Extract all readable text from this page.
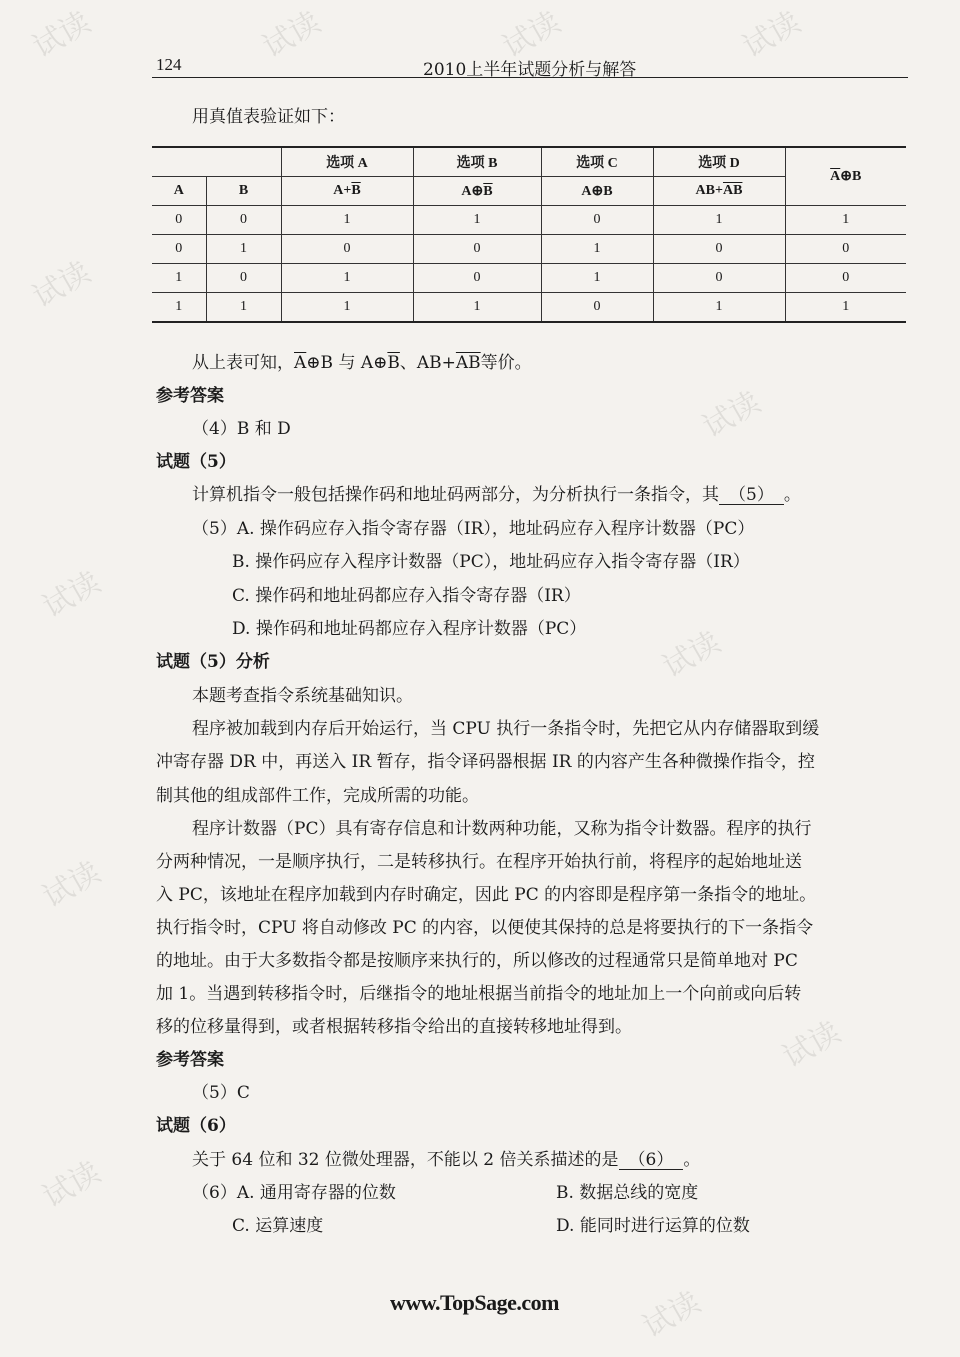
试读	试读	试读	试读
试读
试读
试读
试读
试读
试读
试读
试读
124	2010上半年试题分析与解答
用真值表验证如下：
		选项 A	选项 B	选项 C	选项 D	$\overline{A}\oplus B$
A	B	$A+\overline{B}$	$A\oplus\overline{B}$	A⊕B	$AB+\overline{AB}$
0	0	1	1	0	1	1
0	1	0	0	1	0	0
1	0	1	0	1	0	0
1	1	1	1	0	1	1
从上表可知，$\overline{A}\oplus B$ 与 $A\oplus\overline{B}$、$AB+\overline{AB}$等价。
参考答案
（4）B 和 D
试题（5）
计算机指令一般包括操作码和地址码两部分，为分析执行一条指令，其 （5） 。
（5）A. 操作码应存入指令寄存器（IR），地址码应存入程序计数器（PC）
B. 操作码应存入程序计数器（PC），地址码应存入指令寄存器（IR）
C. 操作码和地址码都应存入指令寄存器（IR）
D. 操作码和地址码都应存入程序计数器（PC）
试题（5）分析
本题考查指令系统基础知识。
程序被加载到内存后开始运行，当 CPU 执行一条指令时，先把它从内存储器取到缓
冲寄存器 DR 中，再送入 IR 暂存，指令译码器根据 IR 的内容产生各种微操作指令，控
制其他的组成部件工作，完成所需的功能。
程序计数器（PC）具有寄存信息和计数两种功能，又称为指令计数器。程序的执行
分两种情况，一是顺序执行，二是转移执行。在程序开始执行前，将程序的起始地址送
入 PC，该地址在程序加载到内存时确定，因此 PC 的内容即是程序第一条指令的地址。
执行指令时，CPU 将自动修改 PC 的内容，以便使其保持的总是将要执行的下一条指令
的地址。由于大多数指令都是按顺序来执行的，所以修改的过程通常只是简单地对 PC
加 1。当遇到转移指令时，后继指令的地址根据当前指令的地址加上一个向前或向后转
移的位移量得到，或者根据转移指令给出的直接转移地址得到。
参考答案
（5）C
试题（6）
关于 64 位和 32 位微处理器，不能以 2 倍关系描述的是 （6） 。
（6）A. 通用寄存器的位数	B. 数据总线的宽度
C. 运算速度	D. 能同时进行运算的位数
www.TopSage.com
